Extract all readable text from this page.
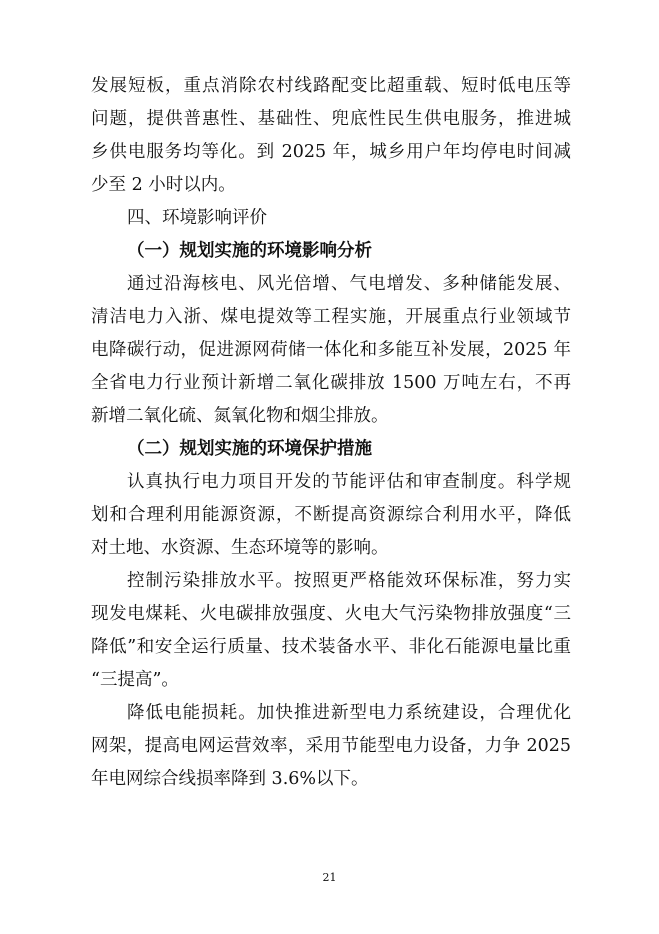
发展短板，重点消除农村线路配变比超重载、短时低电压等
问题，提供普惠性、基础性、兜底性民生供电服务，推进城
乡供电服务均等化。到 2025 年，城乡用户年均停电时间减
少至 2 小时以内。
四、环境影响评价
（一）规划实施的环境影响分析
通过沿海核电、风光倍增、气电增发、多种储能发展、
清洁电力入浙、煤电提效等工程实施，开展重点行业领域节
电降碳行动，促进源网荷储一体化和多能互补发展，2025 年
全省电力行业预计新增二氧化碳排放 1500 万吨左右，不再
新增二氧化硫、氮氧化物和烟尘排放。
（二）规划实施的环境保护措施
认真执行电力项目开发的节能评估和审查制度。科学规
划和合理利用能源资源，不断提高资源综合利用水平，降低
对土地、水资源、生态环境等的影响。
控制污染排放水平。按照更严格能效环保标准，努力实
现发电煤耗、火电碳排放强度、火电大气污染物排放强度“三
降低”和安全运行质量、技术装备水平、非化石能源电量比重
“三提高”。
降低电能损耗。加快推进新型电力系统建设，合理优化
网架，提高电网运营效率，采用节能型电力设备，力争 2025
年电网综合线损率降到 3.6%以下。
21
